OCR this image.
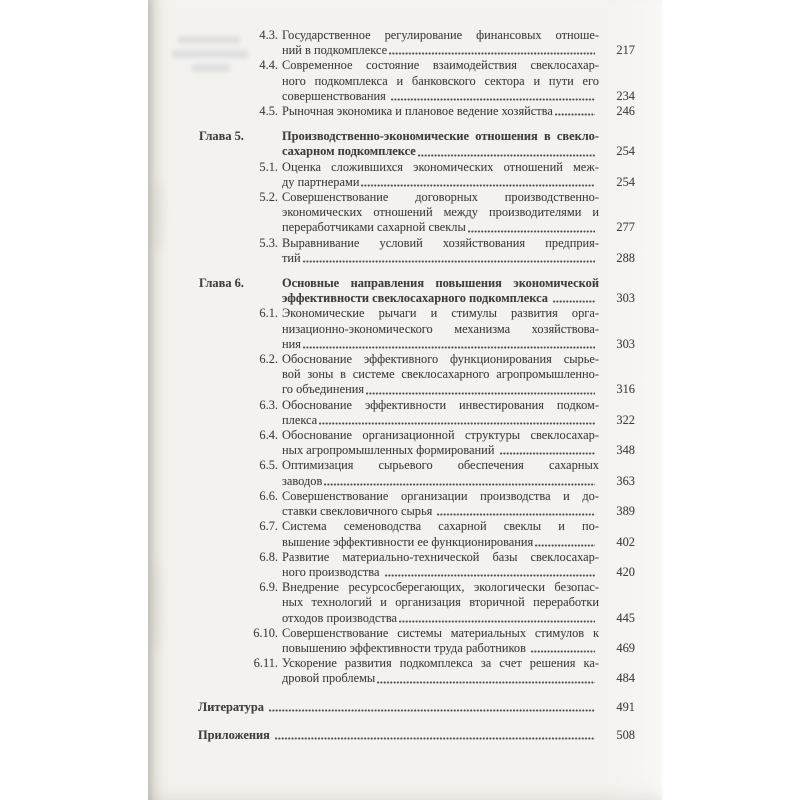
4.3. Государственное регулирование финансовых отноше-
ний в подкомплексе	217
4.4. Современное состояние взаимодействия свеклосахар-
ного подкомплекса и банковского сектора и пути его
совершенствования	234
4.5. Рыночная экономика и плановое ведение хозяйства	246
Глава 5.	Производственно-экономические отношения в свекло-
сахарном подкомплексе	254
5.1. Оценка сложившихся экономических отношений меж-
ду партнерами	254
5.2. Совершенствование договорных производственно-
экономических отношений между производителями и
переработчиками сахарной свеклы	277
5.3. Выравнивание условий хозяйствования предприя-
тий	288
Глава 6.	Основные направления повышения экономической
эффективности свеклосахарного подкомплекса	303
6.1. Экономические рычаги и стимулы развития орга-
низационно-экономического механизма хозяйствова-
ния	303
6.2. Обоснование эффективного функционирования сырье-
вой зоны в системе свеклосахарного агропромышленно-
го объединения	316
6.3. Обоснование эффективности инвестирования подком-
плекса	322
6.4. Обоснование организационной структуры свеклосахар-
ных агропромышленных формирований	348
6.5. Оптимизация сырьевого обеспечения сахарных
заводов	363
6.6. Совершенствование организации производства и до-
ставки свекловичного сырья	389
6.7. Система семеноводства сахарной свеклы и по-
вышение эффективности ее функционирования	402
6.8. Развитие материально-технической базы свеклосахар-
ного производства	420
6.9. Внедрение ресурсосберегающих, экологически безопас-
ных технологий и организация вторичной переработки
отходов производства	445
6.10. Совершенствование системы материальных стимулов к
повышению эффективности труда работников	469
6.11. Ускорение развития подкомплекса за счет решения ка-
дровой проблемы	484
Литература	491
Приложения	508
